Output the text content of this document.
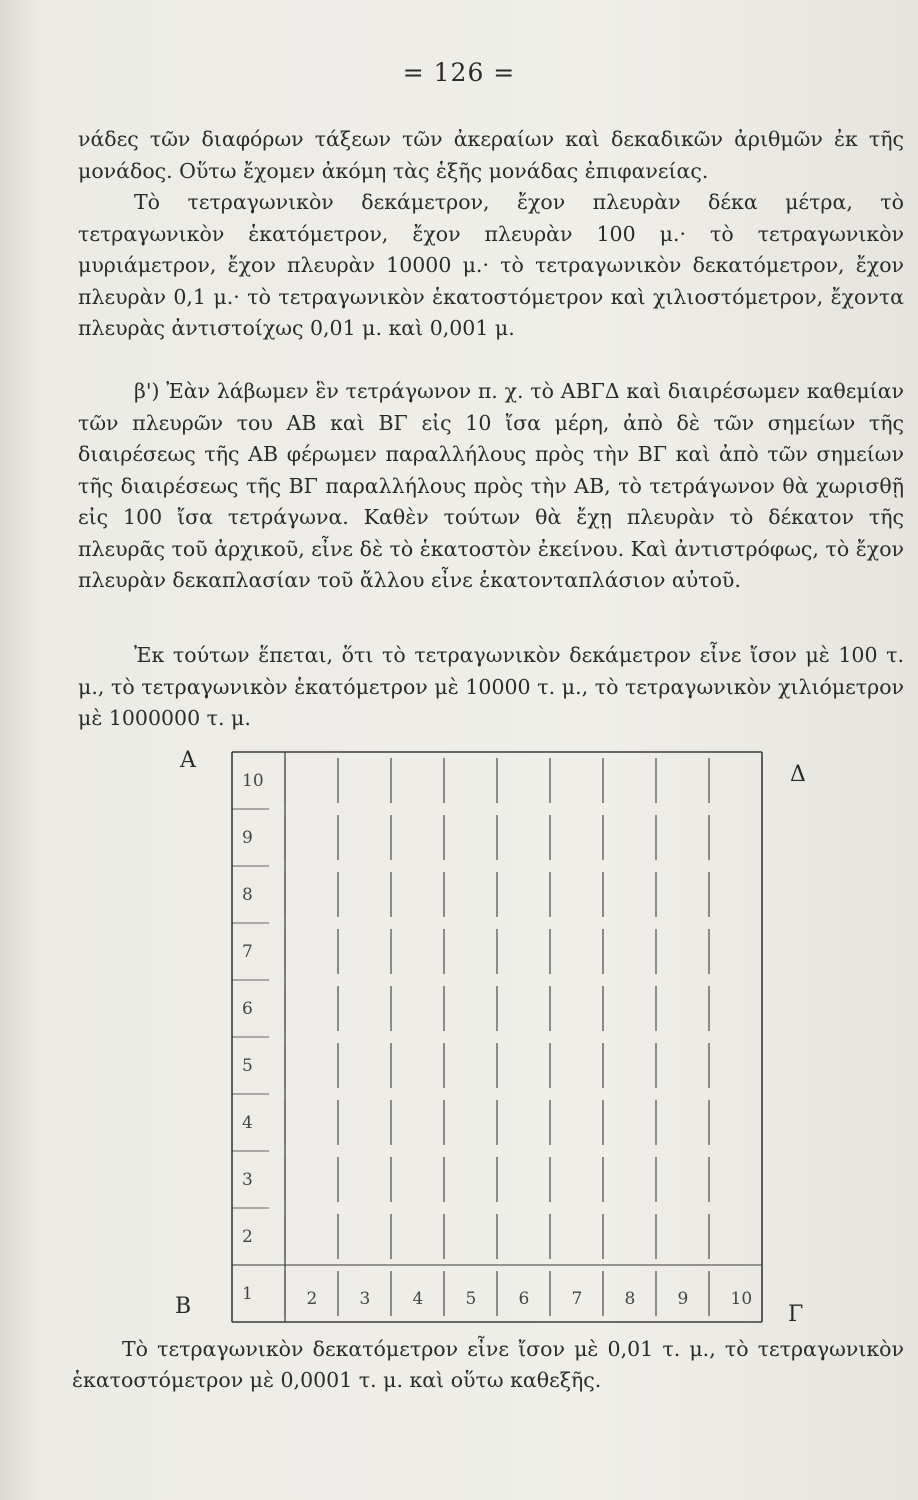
= 126 =

νάδες τῶν διαφόρων τάξεων τῶν ἀκεραίων καὶ δεκαδικῶν ἀριθμῶν ἐκ τῆς μονάδος. Οὕτω ἔχομεν ἀκόμη τὰς ἑξῆς μονάδας ἐπιφανείας.

Τὸ τετραγωνικὸν δεκάμετρον, ἔχον πλευρὰν δέκα μέτρα, τὸ τετραγωνικὸν ἑκατόμετρον, ἔχον πλευρὰν 100 μ.· τὸ τετραγωνικὸν μυριάμετρον, ἔχον πλευρὰν 10000 μ.· τὸ τετραγωνικὸν δεκατόμετρον, ἔχον πλευρὰν 0,1 μ.· τὸ τετραγωνικὸν ἑκατοστόμετρον καὶ χιλιοστόμετρον, ἔχοντα πλευρὰς ἀντιστοίχως 0,01 μ. καὶ 0,001 μ.

β') Ἐὰν λάβωμεν ἓν τετράγωνον π. χ. τὸ ΑΒΓΔ καὶ διαιρέσωμεν καθεμίαν τῶν πλευρῶν του ΑΒ καὶ ΒΓ εἰς 10 ἴσα μέρη, ἀπὸ δὲ τῶν σημείων τῆς διαιρέσεως τῆς ΑΒ φέρωμεν παραλλήλους πρὸς τὴν ΒΓ καὶ ἀπὸ τῶν σημείων τῆς διαιρέσεως τῆς ΒΓ παραλλήλους πρὸς τὴν ΑΒ, τὸ τετράγωνον θὰ χωρισθῇ εἰς 100 ἴσα τετράγωνα. Καθὲν τούτων θὰ ἔχῃ πλευρὰν τὸ δέκατον τῆς πλευρᾶς τοῦ ἀρχικοῦ, εἶνε δὲ τὸ ἑκατοστὸν ἐκείνου. Καὶ ἀντιστρόφως, τὸ ἔχον πλευρὰν δεκαπλασίαν τοῦ ἄλλου εἶνε ἑκατονταπλάσιον αὐτοῦ.

Ἐκ τούτων ἕπεται, ὅτι τὸ τετραγωνικὸν δεκάμετρον εἶνε ἴσον μὲ 100 τ. μ., τὸ τετραγωνικὸν ἑκατόμετρον μὲ 10000 τ. μ., τὸ τετραγωνικὸν χιλιόμετρον μὲ 1000000 τ. μ.

Α
Δ
Β	Γ
10
9
8
7
6
5
4
3
2
1	2 3 4 5 6 7 8 9 10

Τὸ τετραγωνικὸν δεκατόμετρον εἶνε ἴσον μὲ 0,01 τ. μ., τὸ τετραγωνικὸν ἑκατοστόμετρον μὲ 0,0001 τ. μ. καὶ οὕτω καθεξῆς.
